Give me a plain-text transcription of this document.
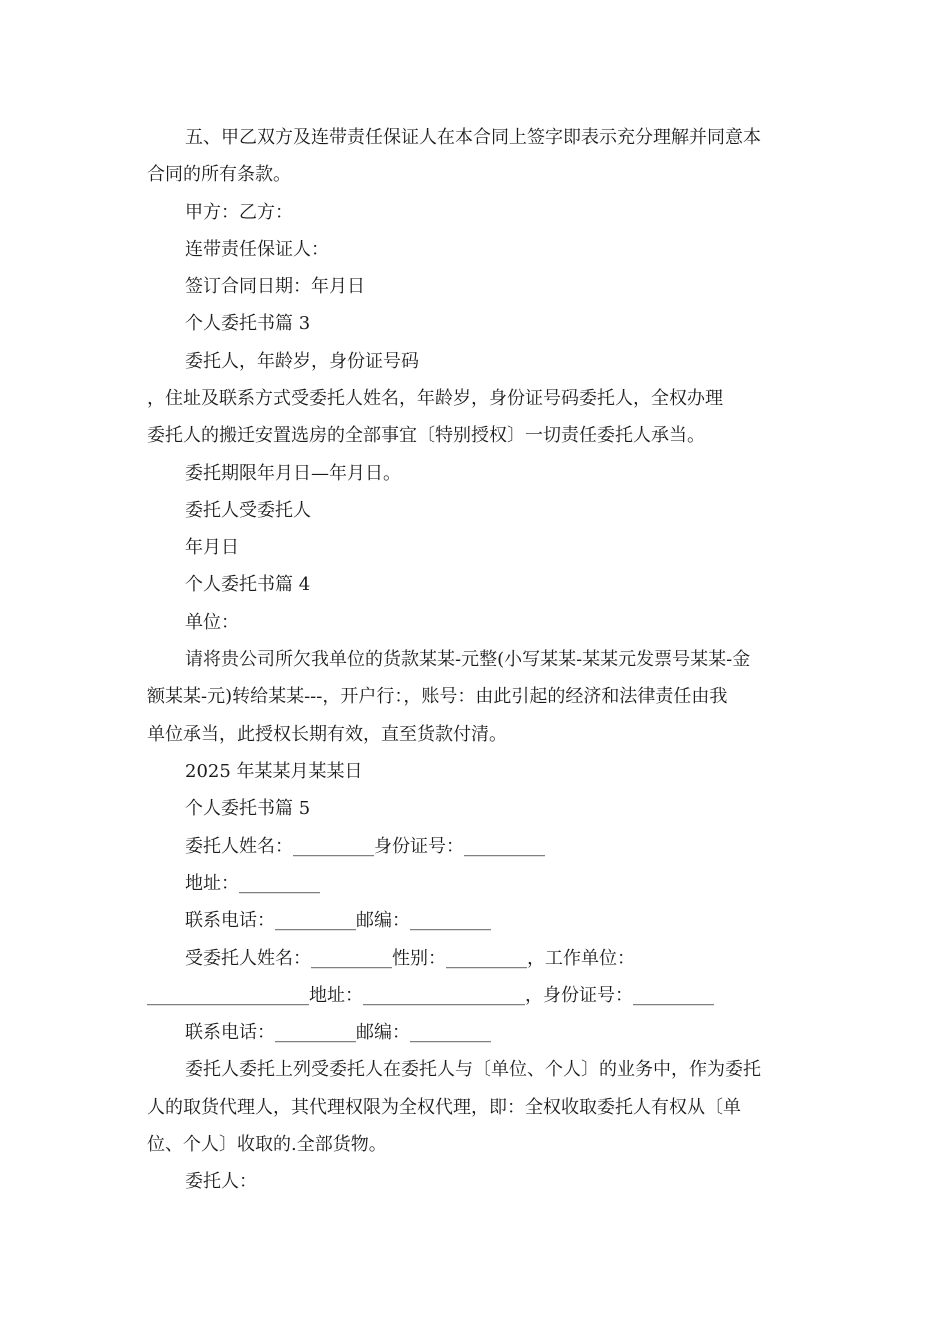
五、甲乙双方及连带责任保证人在本合同上签字即表示充分理解并同意本
合同的所有条款。
甲方：乙方：
连带责任保证人：
签订合同日期：年月日
个人委托书篇 3
委托人，年龄岁，身份证号码
，住址及联系方式受委托人姓名，年龄岁，身份证号码委托人，全权办理
委托人的搬迁安置选房的全部事宜〔特别授权〕一切责任委托人承当。
委托期限年月日—年月日。
委托人受委托人
年月日
个人委托书篇 4
单位：
请将贵公司所欠我单位的货款某某-元整(小写某某-某某元发票号某某-金
额某某-元)转给某某---，开户行：，账号：由此引起的经济和法律责任由我
单位承当，此授权长期有效，直至货款付清。
2025 年某某月某某日
个人委托书篇 5
委托人姓名：_________身份证号：_________
地址：_________
联系电话：_________邮编：_________
受委托人姓名：_________性别：_________，工作单位：
__________________地址：__________________，身份证号：_________
联系电话：_________邮编：_________
委托人委托上列受委托人在委托人与〔单位、个人〕的业务中，作为委托
人的取货代理人，其代理权限为全权代理，即：全权收取委托人有权从〔单
位、个人〕收取的.全部货物。
委托人：
